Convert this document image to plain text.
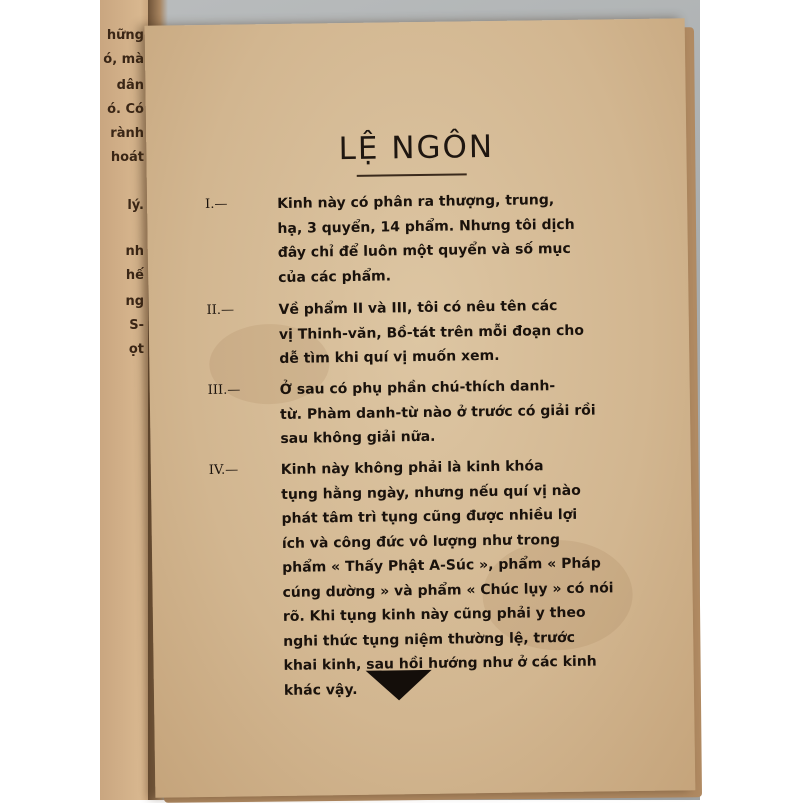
hững
ó, mà
dân
ó. Có
rành
hoát
lý.
nh
hế
ng
S-
ọt
LỆ NGÔN
I.—	Kinh này có phân ra thượng, trung,
hạ, 3 quyển, 14 phẩm. Nhưng tôi dịch
đây chỉ để luôn một quyển và số mục
của các phẩm.
II.—	Về phẩm II và III, tôi có nêu tên các
vị Thinh-văn, Bồ-tát trên mỗi đoạn cho
dễ tìm khi quí vị muốn xem.
III.—	Ở sau có phụ phần chú-thích danh-
từ. Phàm danh-từ nào ở trước có giải rồi
sau không giải nữa.
IV.—	Kinh này không phải là kinh khóa
tụng hằng ngày, nhưng nếu quí vị nào
phát tâm trì tụng cũng được nhiều lợi
ích và công đức vô lượng như trong
phẩm « Thấy Phật A-Súc », phẩm « Pháp
cúng dường » và phẩm « Chúc lụy » có nói
rõ. Khi tụng kinh này cũng phải y theo
nghi thức tụng niệm thường lệ, trước
khai kinh, sau hồi hướng như ở các kinh
khác vậy.
